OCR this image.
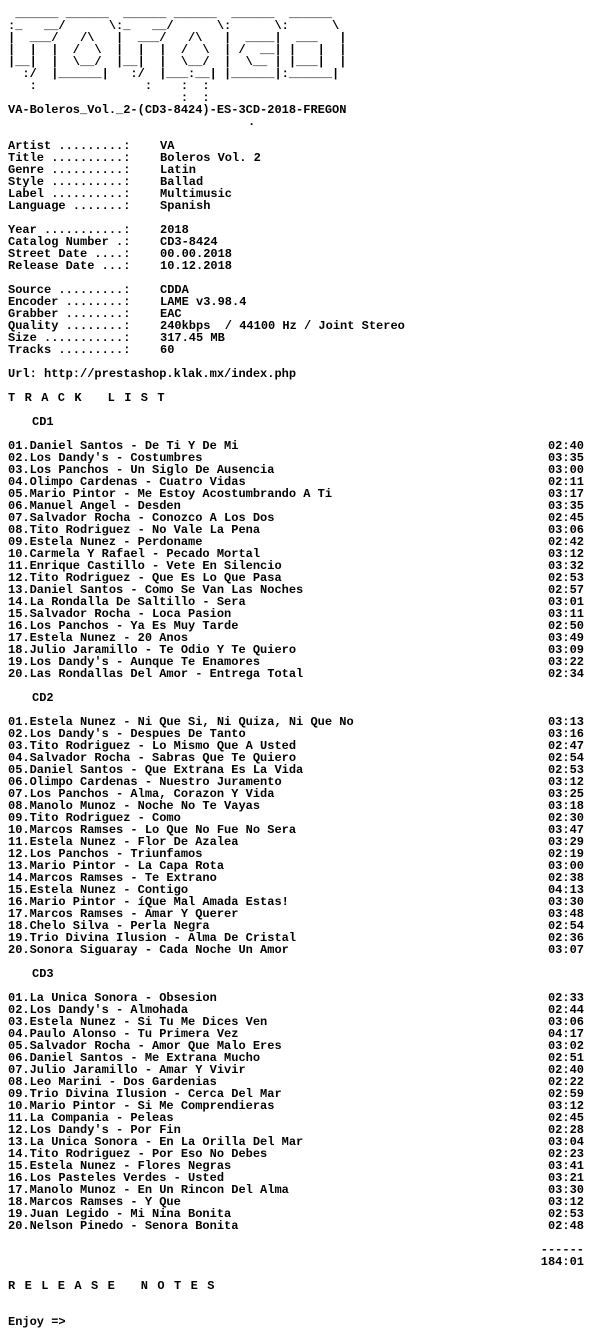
______ ______  ______ ______  ______  ______
:_   __/      \:_   __/      \:      \:      \
|  ___/   /\   |  ___/   /\   |  ____|  ___   |
|  |  |  /  \  |  |  |  /  \  | /  __| |   |  |
|__|  |  \__/  |__|  |  \__/  |  \__ | |___|  |
:/  |______|   :/  |___:__| |______|:______|
:               :    :  :
:  :
VA-Boleros_Vol._2-(CD3-8424)-ES-3CD-2018-FREGON
.
Artist .........: VA
Title ..........: Boleros Vol. 2
Genre ..........: Latin
Style ..........: Ballad
Label ..........: Multimusic
Language .......: Spanish
Year ...........: 2018
Catalog Number .: CD3-8424
Street Date ....: 00.00.2018
Release Date ...: 10.12.2018
Source .........: CDDA
Encoder ........: LAME v3.98.4
Grabber ........: EAC
Quality ........: 240kbps  / 44100 Hz / Joint Stereo
Size ...........: 317.45 MB
Tracks .........: 60
Url: http://prestashop.klak.mx/index.php
TRACK LIST
CD1
01.Daniel Santos - De Ti Y De Mi	02:40
02.Los Dandy's - Costumbres	03:35
03.Los Panchos - Un Siglo De Ausencia	03:00
04.Olimpo Cardenas - Cuatro Vidas	02:11
05.Mario Pintor - Me Estoy Acostumbrando A Ti	03:17
06.Manuel Angel - Desden	03:35
07.Salvador Rocha - Conozco A Los Dos	02:45
08.Tito Rodriguez - No Vale La Pena	03:06
09.Estela Nunez - Perdoname	02:42
10.Carmela Y Rafael - Pecado Mortal	03:12
11.Enrique Castillo - Vete En Silencio	03:32
12.Tito Rodriguez - Que Es Lo Que Pasa	02:53
13.Daniel Santos - Como Se Van Las Noches	02:57
14.La Rondalla De Saltillo - Sera	03:01
15.Salvador Rocha - Loca Pasion	03:11
16.Los Panchos - Ya Es Muy Tarde	02:50
17.Estela Nunez - 20 Anos	03:49
18.Julio Jaramillo - Te Odio Y Te Quiero	03:09
19.Los Dandy's - Aunque Te Enamores	03:22
20.Las Rondallas Del Amor - Entrega Total	02:34
CD2
01.Estela Nunez - Ni Que Si, Ni Quiza, Ni Que No	03:13
02.Los Dandy's - Despues De Tanto	03:16
03.Tito Rodriguez - Lo Mismo Que A Usted	02:47
04.Salvador Rocha - Sabras Que Te Quiero	02:54
05.Daniel Santos - Que Extrana Es La Vida	02:53
06.Olimpo Cardenas - Nuestro Juramento	03:12
07.Los Panchos - Alma, Corazon Y Vida	03:25
08.Manolo Munoz - Noche No Te Vayas	03:18
09.Tito Rodriguez - Como	02:30
10.Marcos Ramses - Lo Que No Fue No Sera	03:47
11.Estela Nunez - Flor De Azalea	03:29
12.Los Panchos - Triunfamos	02:19
13.Mario Pintor - La Capa Rota	03:00
14.Marcos Ramses - Te Extrano	02:38
15.Estela Nunez - Contigo	04:13
16.Mario Pintor - íQue Mal Amada Estas!	03:30
17.Marcos Ramses - Amar Y Querer	03:48
18.Chelo Silva - Perla Negra	02:54
19.Trio Divina Ilusion - Alma De Cristal	02:36
20.Sonora Siguaray - Cada Noche Un Amor	03:07
CD3
01.La Unica Sonora - Obsesion	02:33
02.Los Dandy's - Almohada	02:44
03.Estela Nunez - Si Tu Me Dices Ven	03:06
04.Paulo Alonso - Tu Primera Vez	04:17
05.Salvador Rocha - Amor Que Malo Eres	03:02
06.Daniel Santos - Me Extrana Mucho	02:51
07.Julio Jaramillo - Amar Y Vivir	02:40
08.Leo Marini - Dos Gardenias	02:22
09.Trio Divina Ilusion - Cerca Del Mar	02:59
10.Mario Pintor - Si Me Comprendieras	03:12
11.La Compania - Peleas	02:45
12.Los Dandy's - Por Fin	02:28
13.La Unica Sonora - En La Orilla Del Mar	03:04
14.Tito Rodriguez - Por Eso No Debes	02:23
15.Estela Nunez - Flores Negras	03:41
16.Los Pasteles Verdes - Usted	03:21
17.Manolo Munoz - En Un Rincon Del Alma	03:30
18.Marcos Ramses - Y Que	03:12
19.Juan Legido - Mi Nina Bonita	02:53
20.Nelson Pinedo - Senora Bonita	02:48
------
184:01
RELEASE NOTES
Enjoy =>
